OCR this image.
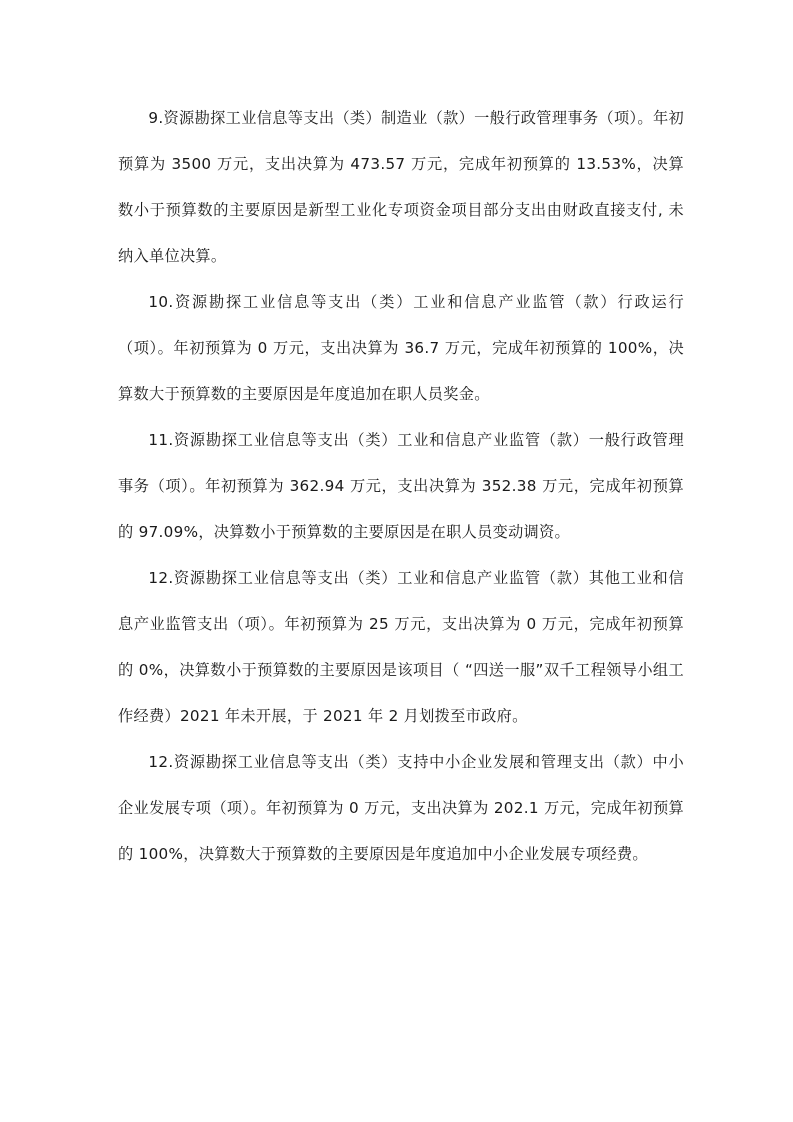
9.资源勘探工业信息等支出（类）制造业（款）一般行政管理事务（项）。年初预算为 3500 万元，支出决算为 473.57 万元，完成年初预算的 13.53%，决算数小于预算数的主要原因是新型工业化专项资金项目部分支出由财政直接支付, 未纳入单位决算。

10.资源勘探工业信息等支出（类）工业和信息产业监管（款）行政运行（项）。年初预算为 0 万元，支出决算为 36.7 万元，完成年初预算的 100%，决算数大于预算数的主要原因是年度追加在职人员奖金。

11.资源勘探工业信息等支出（类）工业和信息产业监管（款）一般行政管理事务（项）。年初预算为 362.94 万元，支出决算为 352.38 万元，完成年初预算的 97.09%，决算数小于预算数的主要原因是在职人员变动调资。

12.资源勘探工业信息等支出（类）工业和信息产业监管（款）其他工业和信息产业监管支出（项）。年初预算为 25 万元，支出决算为 0 万元，完成年初预算的 0%，决算数小于预算数的主要原因是该项目（ “四送一服”双千工程领导小组工作经费）2021 年未开展，于 2021 年 2 月划拨至市政府。

12.资源勘探工业信息等支出（类）支持中小企业发展和管理支出（款）中小企业发展专项（项）。年初预算为 0 万元，支出决算为 202.1 万元，完成年初预算的 100%，决算数大于预算数的主要原因是年度追加中小企业发展专项经费。
